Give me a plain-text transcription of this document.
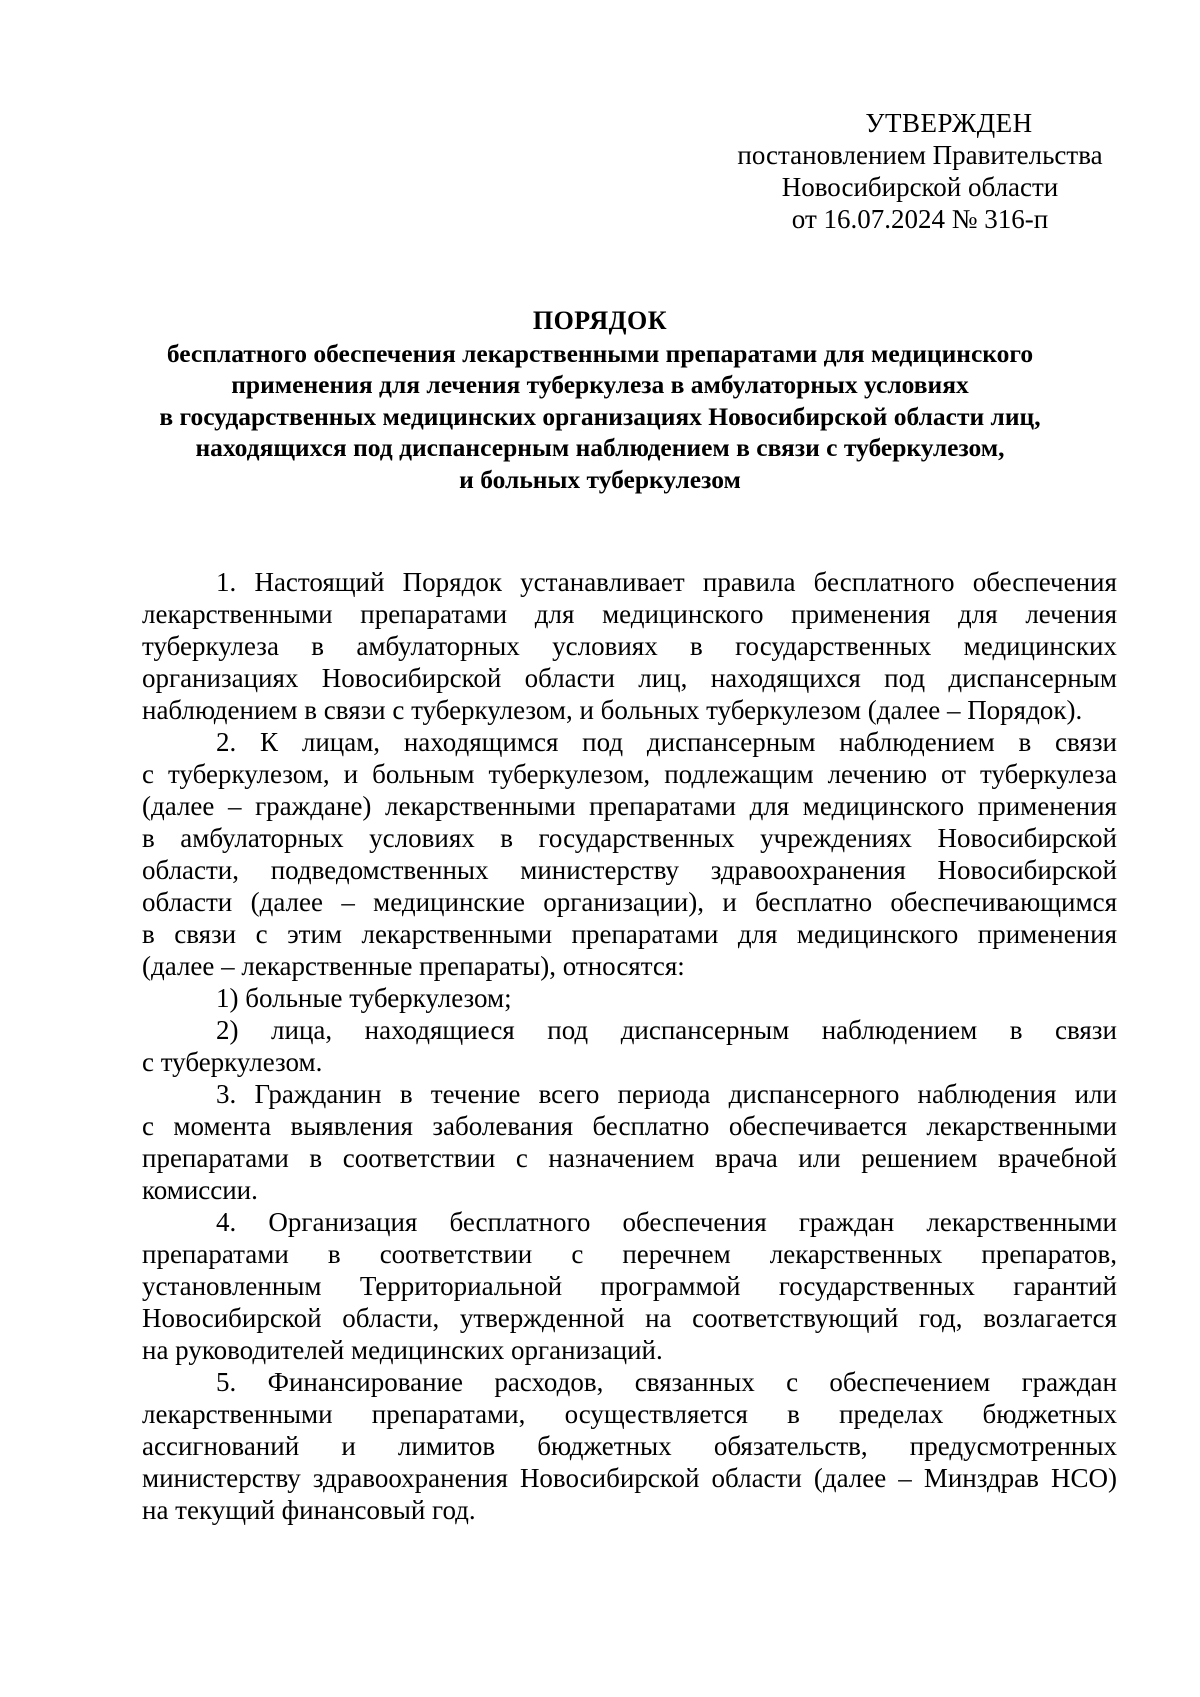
УТВЕРЖДЕН
постановлением Правительства
Новосибирской области
от 16.07.2024 № 316-п
ПОРЯДОК
бесплатного обеспечения лекарственными препаратами для медицинского
применения для лечения туберкулеза в амбулаторных условиях
в государственных медицинских организациях Новосибирской области лиц,
находящихся под диспансерным наблюдением в связи с туберкулезом,
и больных туберкулезом
1. Настоящий Порядок устанавливает правила бесплатного обеспечения
лекарственными препаратами для медицинского применения для лечения
туберкулеза в амбулаторных условиях в государственных медицинских
организациях Новосибирской области лиц, находящихся под диспансерным
наблюдением в связи с туберкулезом, и больных туберкулезом (далее – Порядок).
2. К лицам, находящимся под диспансерным наблюдением в связи
с туберкулезом, и больным туберкулезом, подлежащим лечению от туберкулеза
(далее – граждане) лекарственными препаратами для медицинского применения
в амбулаторных условиях в государственных учреждениях Новосибирской
области, подведомственных министерству здравоохранения Новосибирской
области (далее – медицинские организации), и бесплатно обеспечивающимся
в связи с этим лекарственными препаратами для медицинского применения
(далее – лекарственные препараты), относятся:
1) больные туберкулезом;
2) лица, находящиеся под диспансерным наблюдением в связи
с туберкулезом.
3. Гражданин в течение всего периода диспансерного наблюдения или
с момента выявления заболевания бесплатно обеспечивается лекарственными
препаратами в соответствии с назначением врача или решением врачебной
комиссии.
4. Организация бесплатного обеспечения граждан лекарственными
препаратами в соответствии с перечнем лекарственных препаратов,
установленным Территориальной программой государственных гарантий
Новосибирской области, утвержденной на соответствующий год, возлагается
на руководителей медицинских организаций.
5. Финансирование расходов, связанных с обеспечением граждан
лекарственными препаратами, осуществляется в пределах бюджетных
ассигнований и лимитов бюджетных обязательств, предусмотренных
министерству здравоохранения Новосибирской области (далее – Минздрав НСО)
на текущий финансовый год.
